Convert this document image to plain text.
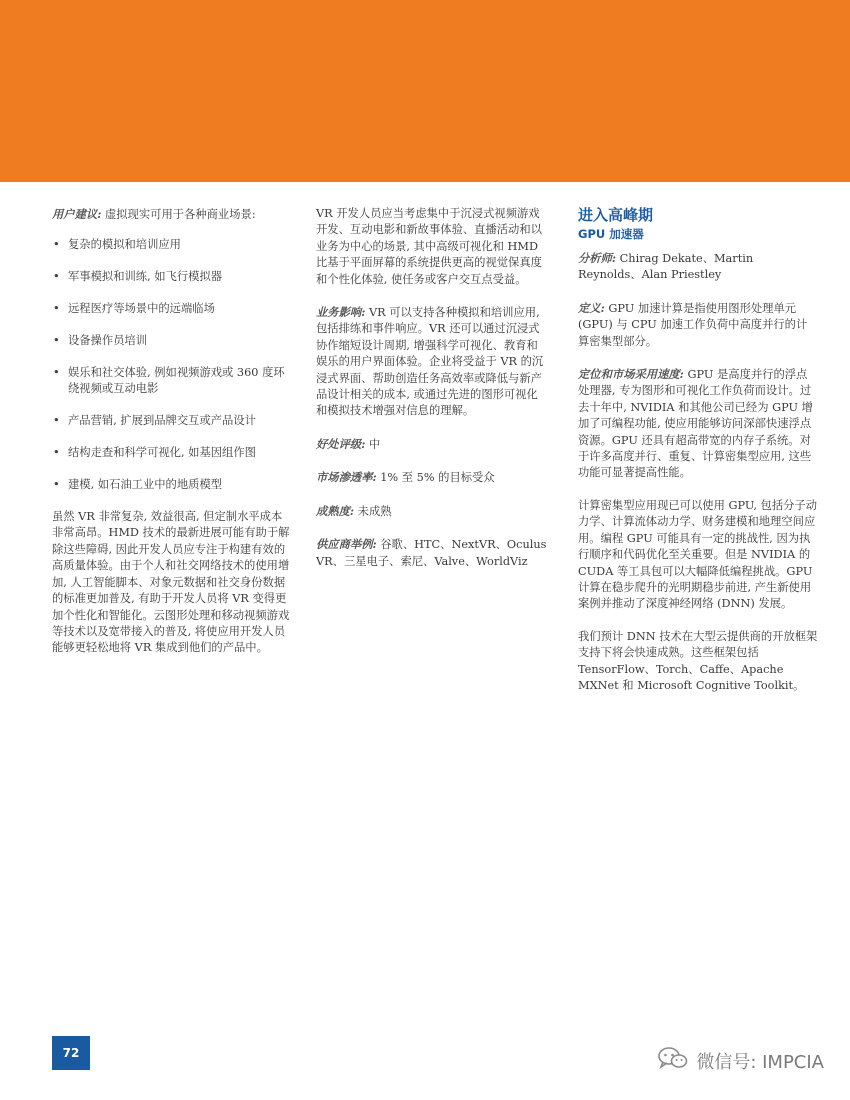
用户建议: 虚拟现实可用于各种商业场景:

• 复杂的模拟和培训应用
• 军事模拟和训练, 如飞行模拟器
• 远程医疗等场景中的远端临场
• 设备操作员培训
• 娱乐和社交体验, 例如视频游戏或 360 度环绕视频或互动电影
• 产品营销, 扩展到品牌交互或产品设计
• 结构走查和科学可视化, 如基因组作图
• 建模, 如石油工业中的地质模型

虽然 VR 非常复杂, 效益很高, 但定制水平成本非常高昂。HMD 技术的最新进展可能有助于解除这些障碍, 因此开发人员应专注于构建有效的高质量体验。由于个人和社交网络技术的使用增加, 人工智能脚本、对象元数据和社交身份数据的标准更加普及, 有助于开发人员将 VR 变得更加个性化和智能化。云图形处理和移动视频游戏等技术以及宽带接入的普及, 将使应用开发人员能够更轻松地将 VR 集成到他们的产品中。

VR 开发人员应当考虑集中于沉浸式视频游戏开发、互动电影和新故事体验、直播活动和以业务为中心的场景, 其中高级可视化和 HMD 比基于平面屏幕的系统提供更高的视觉保真度和个性化体验, 使任务或客户交互点受益。

业务影响: VR 可以支持各种模拟和培训应用, 包括排练和事件响应。VR 还可以通过沉浸式协作缩短设计周期, 增强科学可视化、教育和娱乐的用户界面体验。企业将受益于 VR 的沉浸式界面、帮助创造任务高效率或降低与新产品设计相关的成本, 或通过先进的图形可视化和模拟技术增强对信息的理解。

好处评级: 中

市场渗透率: 1% 至 5% 的目标受众

成熟度: 未成熟

供应商举例: 谷歌、HTC、NextVR、Oculus VR、三星电子、索尼、Valve、WorldViz

进入高峰期
GPU 加速器

分析师: Chirag Dekate、Martin Reynolds、Alan Priestley

定义: GPU 加速计算是指使用图形处理单元 (GPU) 与 CPU 加速工作负荷中高度并行的计算密集型部分。

定位和市场采用速度: GPU 是高度并行的浮点处理器, 专为图形和可视化工作负荷而设计。过去十年中, NVIDIA 和其他公司已经为 GPU 增加了可编程功能, 使应用能够访问深部快速浮点资源。GPU 还具有超高带宽的内存子系统。对于许多高度并行、重复、计算密集型应用, 这些功能可显著提高性能。

计算密集型应用现已可以使用 GPU, 包括分子动力学、计算流体动力学、财务建模和地理空间应用。编程 GPU 可能具有一定的挑战性, 因为执行顺序和代码优化至关重要。但是 NVIDIA 的 CUDA 等工具包可以大幅降低编程挑战。GPU 计算在稳步爬升的光明期稳步前进, 产生新使用案例并推动了深度神经网络 (DNN) 发展。

我们预计 DNN 技术在大型云提供商的开放框架支持下将会快速成熟。这些框架包括 TensorFlow、Torch、Caffe、Apache MXNet 和 Microsoft Cognitive Toolkit。

72	微信号: IMPCIA
